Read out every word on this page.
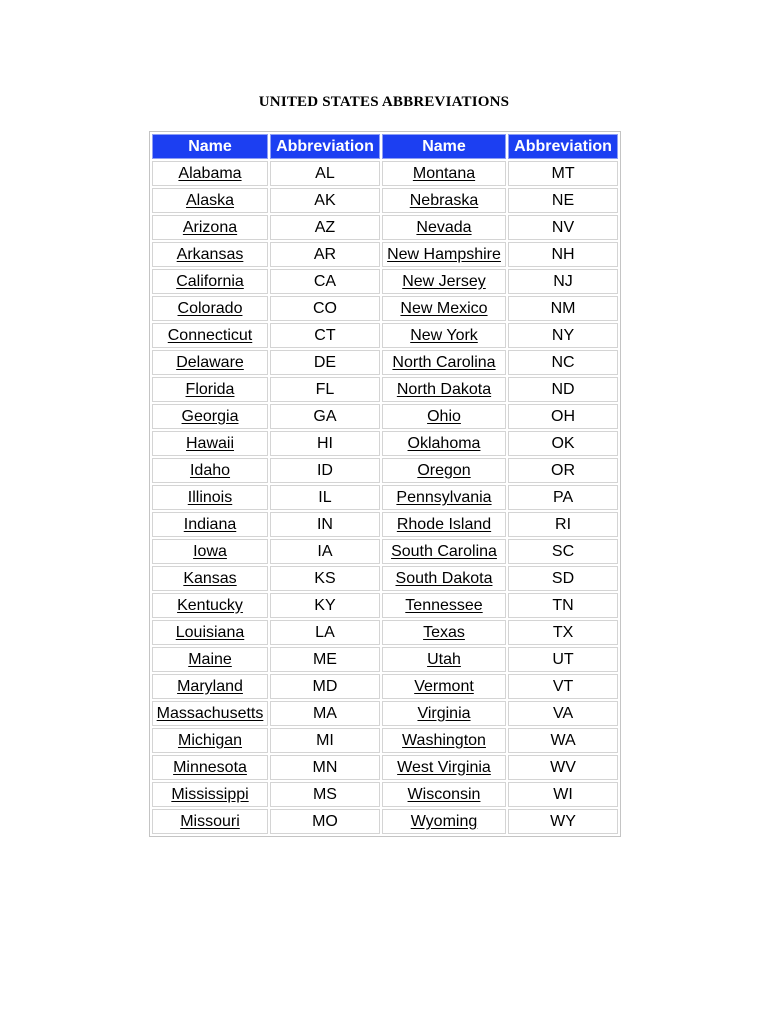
UNITED STATES ABBREVIATIONS
Name	Abbreviation	Name	Abbreviation
Alabama	AL	Montana	MT
Alaska	AK	Nebraska	NE
Arizona	AZ	Nevada	NV
Arkansas	AR	New Hampshire	NH
California	CA	New Jersey	NJ
Colorado	CO	New Mexico	NM
Connecticut	CT	New York	NY
Delaware	DE	North Carolina	NC
Florida	FL	North Dakota	ND
Georgia	GA	Ohio	OH
Hawaii	HI	Oklahoma	OK
Idaho	ID	Oregon	OR
Illinois	IL	Pennsylvania	PA
Indiana	IN	Rhode Island	RI
Iowa	IA	South Carolina	SC
Kansas	KS	South Dakota	SD
Kentucky	KY	Tennessee	TN
Louisiana	LA	Texas	TX
Maine	ME	Utah	UT
Maryland	MD	Vermont	VT
Massachusetts	MA	Virginia	VA
Michigan	MI	Washington	WA
Minnesota	MN	West Virginia	WV
Mississippi	MS	Wisconsin	WI
Missouri	MO	Wyoming	WY
